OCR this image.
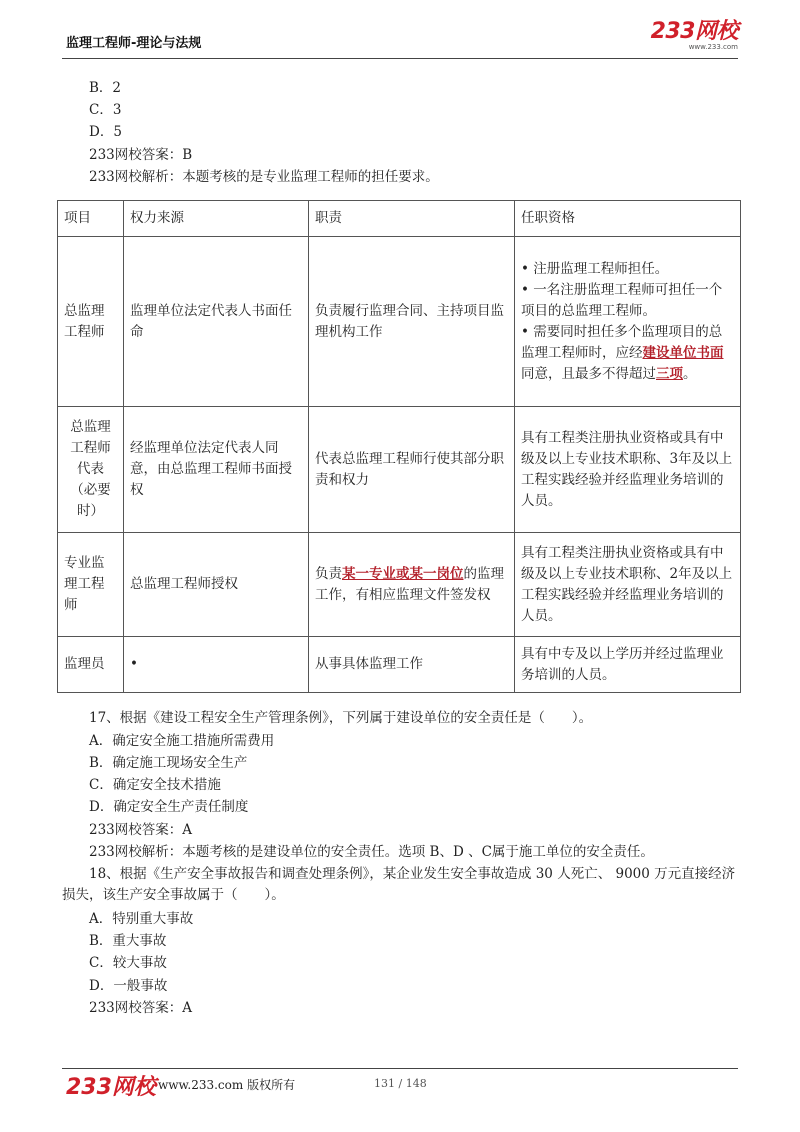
监理工程师-理论与法规	233网校
www.233.com
B．2
C．3
D．5
233网校答案：B
233网校解析：本题考核的是专业监理工程师的担任要求。
项目	权力来源	职责	任职资格
总监理工程师	监理单位法定代表人书面任命	负责履行监理合同、主持项目监理机构工作	• 注册监理工程师担任。
• 一名注册监理工程师可担任一个项目的总监理工程师。
• 需要同时担任多个监理项目的总监理工程师时，应经建设单位书面同意，且最多不得超过三项。

总监理工程师代表
（必要时）	经监理单位法定代表人同意，由总监理工程师书面授权	代表总监理工程师行使其部分职责和权力	具有工程类注册执业资格或具有中级及以上专业技术职称、3年及以上工程实践经验并经监理业务培训的人员。
专业监理工程师	总监理工程师授权	负责某一专业或某一岗位的监理工作，有相应监理文件签发权	具有工程类注册执业资格或具有中级及以上专业技术职称、2年及以上工程实践经验并经监理业务培训的人员。
监理员	•	从事具体监理工作	具有中专及以上学历并经过监理业务培训的人员。
17、根据《建设工程安全生产管理条例》，下列属于建设单位的安全责任是（　　）。
A．确定安全施工措施所需费用
B．确定施工现场安全生产
C．确定安全技术措施
D．确定安全生产责任制度
233网校答案：A
233网校解析：本题考核的是建设单位的安全责任。选项 B、D 、C属于施工单位的安全责任。
18、根据《生产安全事故报告和调查处理条例》，某企业发生安全事故造成 30 人死亡、 9000 万元直接经济损失，该生产安全事故属于（　　）。
A．特别重大事故
B．重大事故
C．较大事故
D．一般事故
233网校答案：A
233网校 www.233.com 版权所有	131 / 148
